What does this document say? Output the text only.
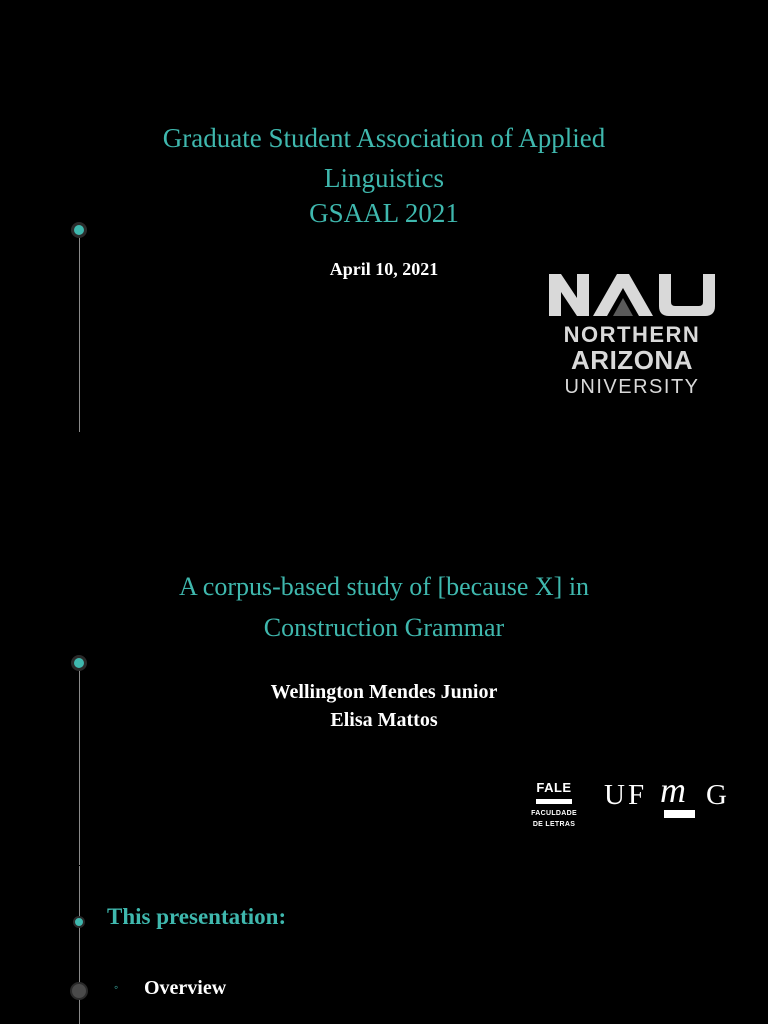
Graduate Student Association of Applied
Linguistics
GSAAL 2021
April 10, 2021
NORTHERN
ARIZONA
UNIVERSITY
A corpus-based study of [because X] in
Construction Grammar
Wellington Mendes Junior
Elisa Mattos
FALE
FACULDADE
DE LETRAS
UF m G
This presentation:
◦ Overview
